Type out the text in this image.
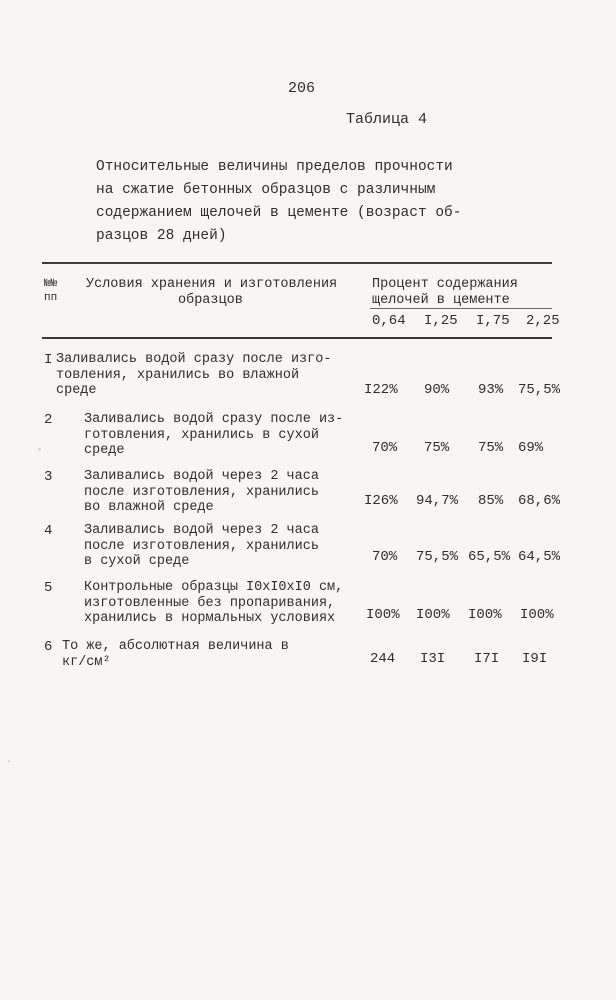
206
Таблица 4
Относительные величины пределов прочности
на сжатие бетонных образцов с различным
содержанием щелочей в цементе (возраст об-
разцов 28 дней)
№№
пп
Условия хранения и изготовления
образцов
Процент содержания
щелочей в цементе
0,64 I,25 I,75 2,25
I Заливались водой сразу после изго-
товления, хранились во влажной
среде	I22% 90% 93% 75,5%
2 Заливались водой сразу после из-
готовления, хранились в сухой
среде	70% 75% 75% 69%
3 Заливались водой через 2 часа
после изготовления, хранились
во влажной среде	I26% 94,7% 85% 68,6%
4 Заливались водой через 2 часа
после изготовления, хранились
в сухой среде	70% 75,5% 65,5% 64,5%
5 Контрольные образцы I0xI0xI0 см,
изготовленные без пропаривания,
хранились в нормальных условиях	I00% I00% I00% I00%
6 То же, абсолютная величина в
кг/см²	244 I3I I7I I9I
